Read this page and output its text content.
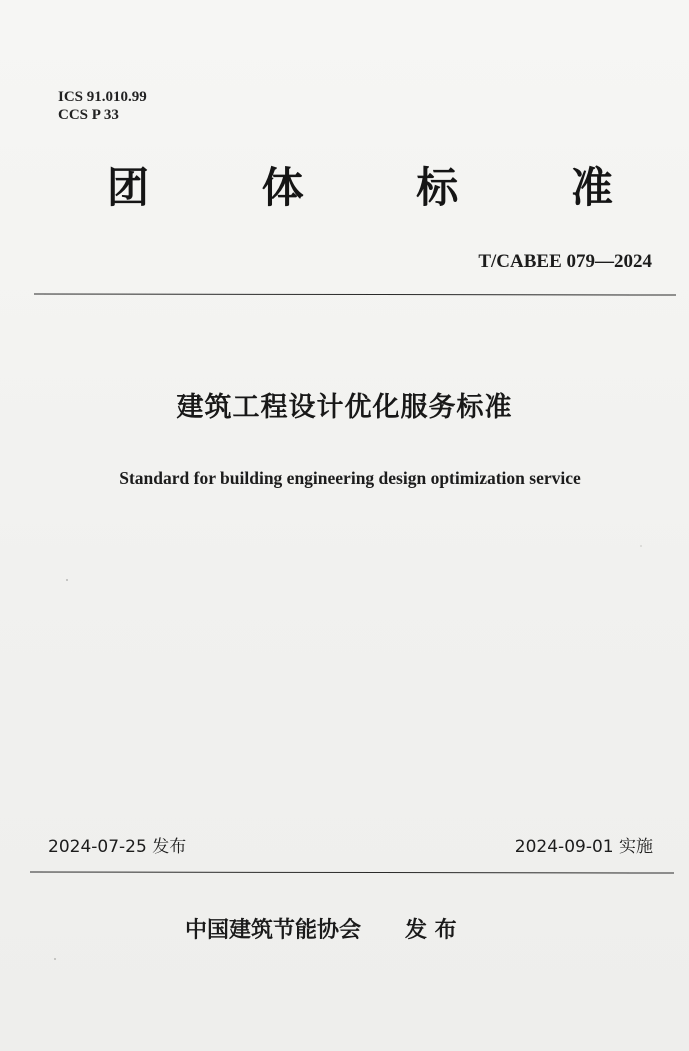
ICS 91.010.99
CCS P 33
团	体	标	准
T/CABEE 079—2024
建筑工程设计优化服务标准
Standard for building engineering design optimization service
2024-07-25 发布	2024-09-01 实施
中国建筑节能协会 发 布
